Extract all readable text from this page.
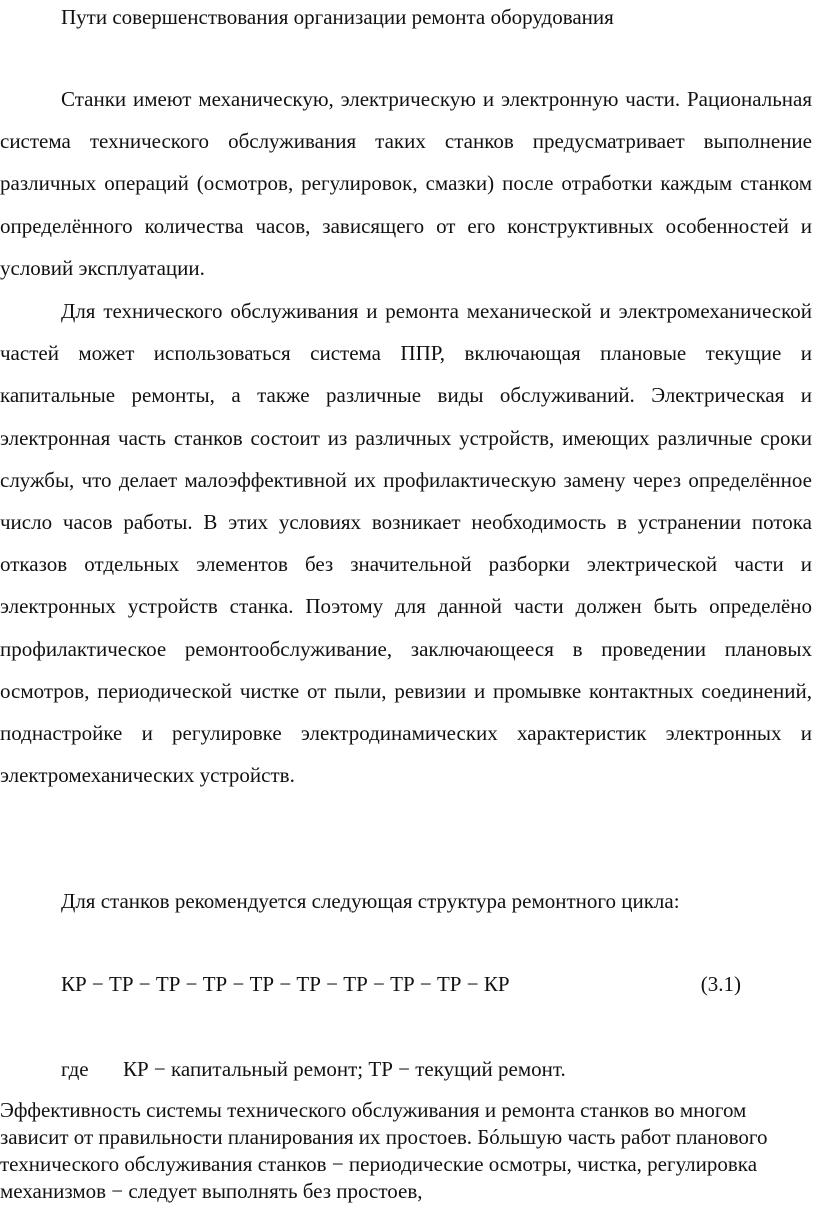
Пути совершенствования организации ремонта оборудования

Станки имеют механическую, электрическую и электронную части. Рациональная система технического обслуживания таких станков предусматривает выполнение различных операций (осмотров, регулировок, смазки) после отработки каждым станком определённого количества часов, зависящего от его конструктивных особенностей и условий эксплуатации.

Для технического обслуживания и ремонта механической и электромеханической частей может использоваться система ППР, включающая плановые текущие и капитальные ремонты, а также различные виды обслуживаний. Электрическая и электронная часть станков состоит из различных устройств, имеющих различные сроки службы, что делает малоэффективной их профилактическую замену через определённое число часов работы. В этих условиях возникает необходимость в устранении потока отказов отдельных элементов без значительной разборки электрической части и электронных устройств станка. Поэтому для данной части должен быть определёно профилактическое ремонтообслуживание, заключающееся в проведении плановых осмотров, периодической чистке от пыли, ревизии и промывке контактных соединений, поднастройке и регулировке электродинамических характеристик электронных и электромеханических устройств.

Для станков рекомендуется следующая структура ремонтного цикла:

КР − ТР − ТР − ТР − ТР − ТР − ТР − ТР − ТР − КР	(3.1)
где КР − капитальный ремонт; ТР − текущий ремонт.

Эффективность системы технического обслуживания и ремонта станков во многом зависит от правильности планирования их простоев. Бóльшую часть работ планового технического обслуживания станков − периодические осмотры, чистка, регулировка механизмов − следует выполнять без простоев,
